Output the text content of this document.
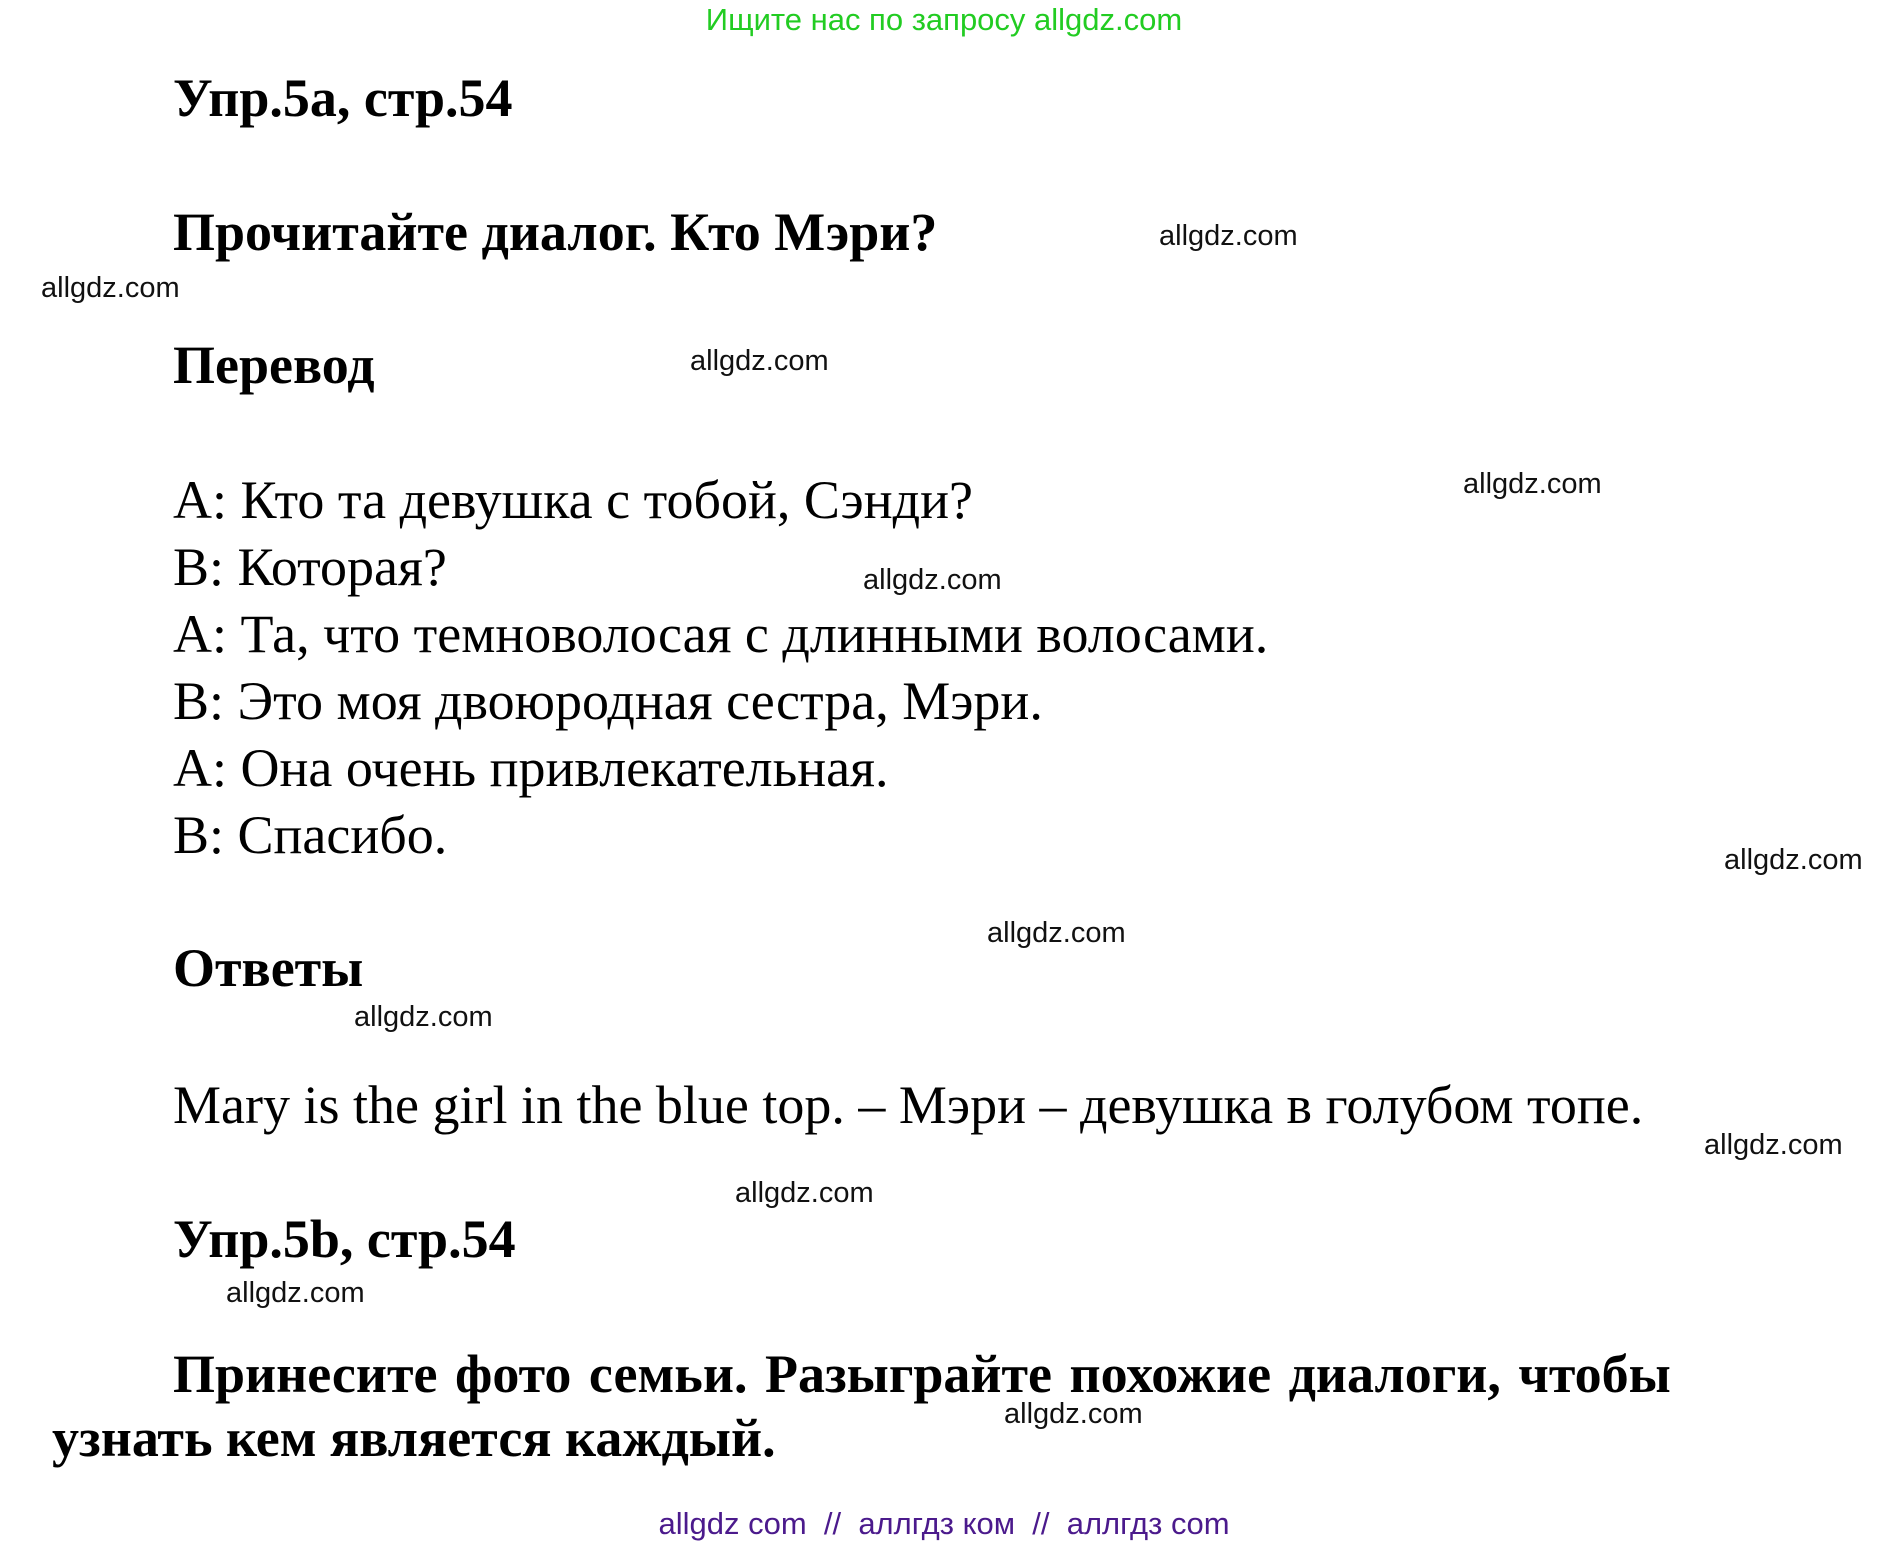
Ищите нас по запросу allgdz.com
Упр.5а, стр.54
Прочитайте диалог. Кто Мэри?
Перевод
А: Кто та девушка с тобой, Сэнди?
В: Которая?
А: Та, что темноволосая с длинными волосами.
В: Это моя двоюродная сестра, Мэри.
А: Она очень привлекательная.
В: Спасибо.
Ответы
Mary is the girl in the blue top. – Мэри – девушка в голубом топе.
Упр.5b, стр.54
Принесите фото семьи. Разыграйте похожие диалоги, чтобы
узнать кем является каждый.
allgdz.com
allgdz.com
allgdz.com
allgdz.com
allgdz.com
allgdz.com
allgdz.com
allgdz.com
allgdz.com
allgdz.com
allgdz.com
allgdz.com
allgdz com  //  аллгдз ком  //  аллгдз com
